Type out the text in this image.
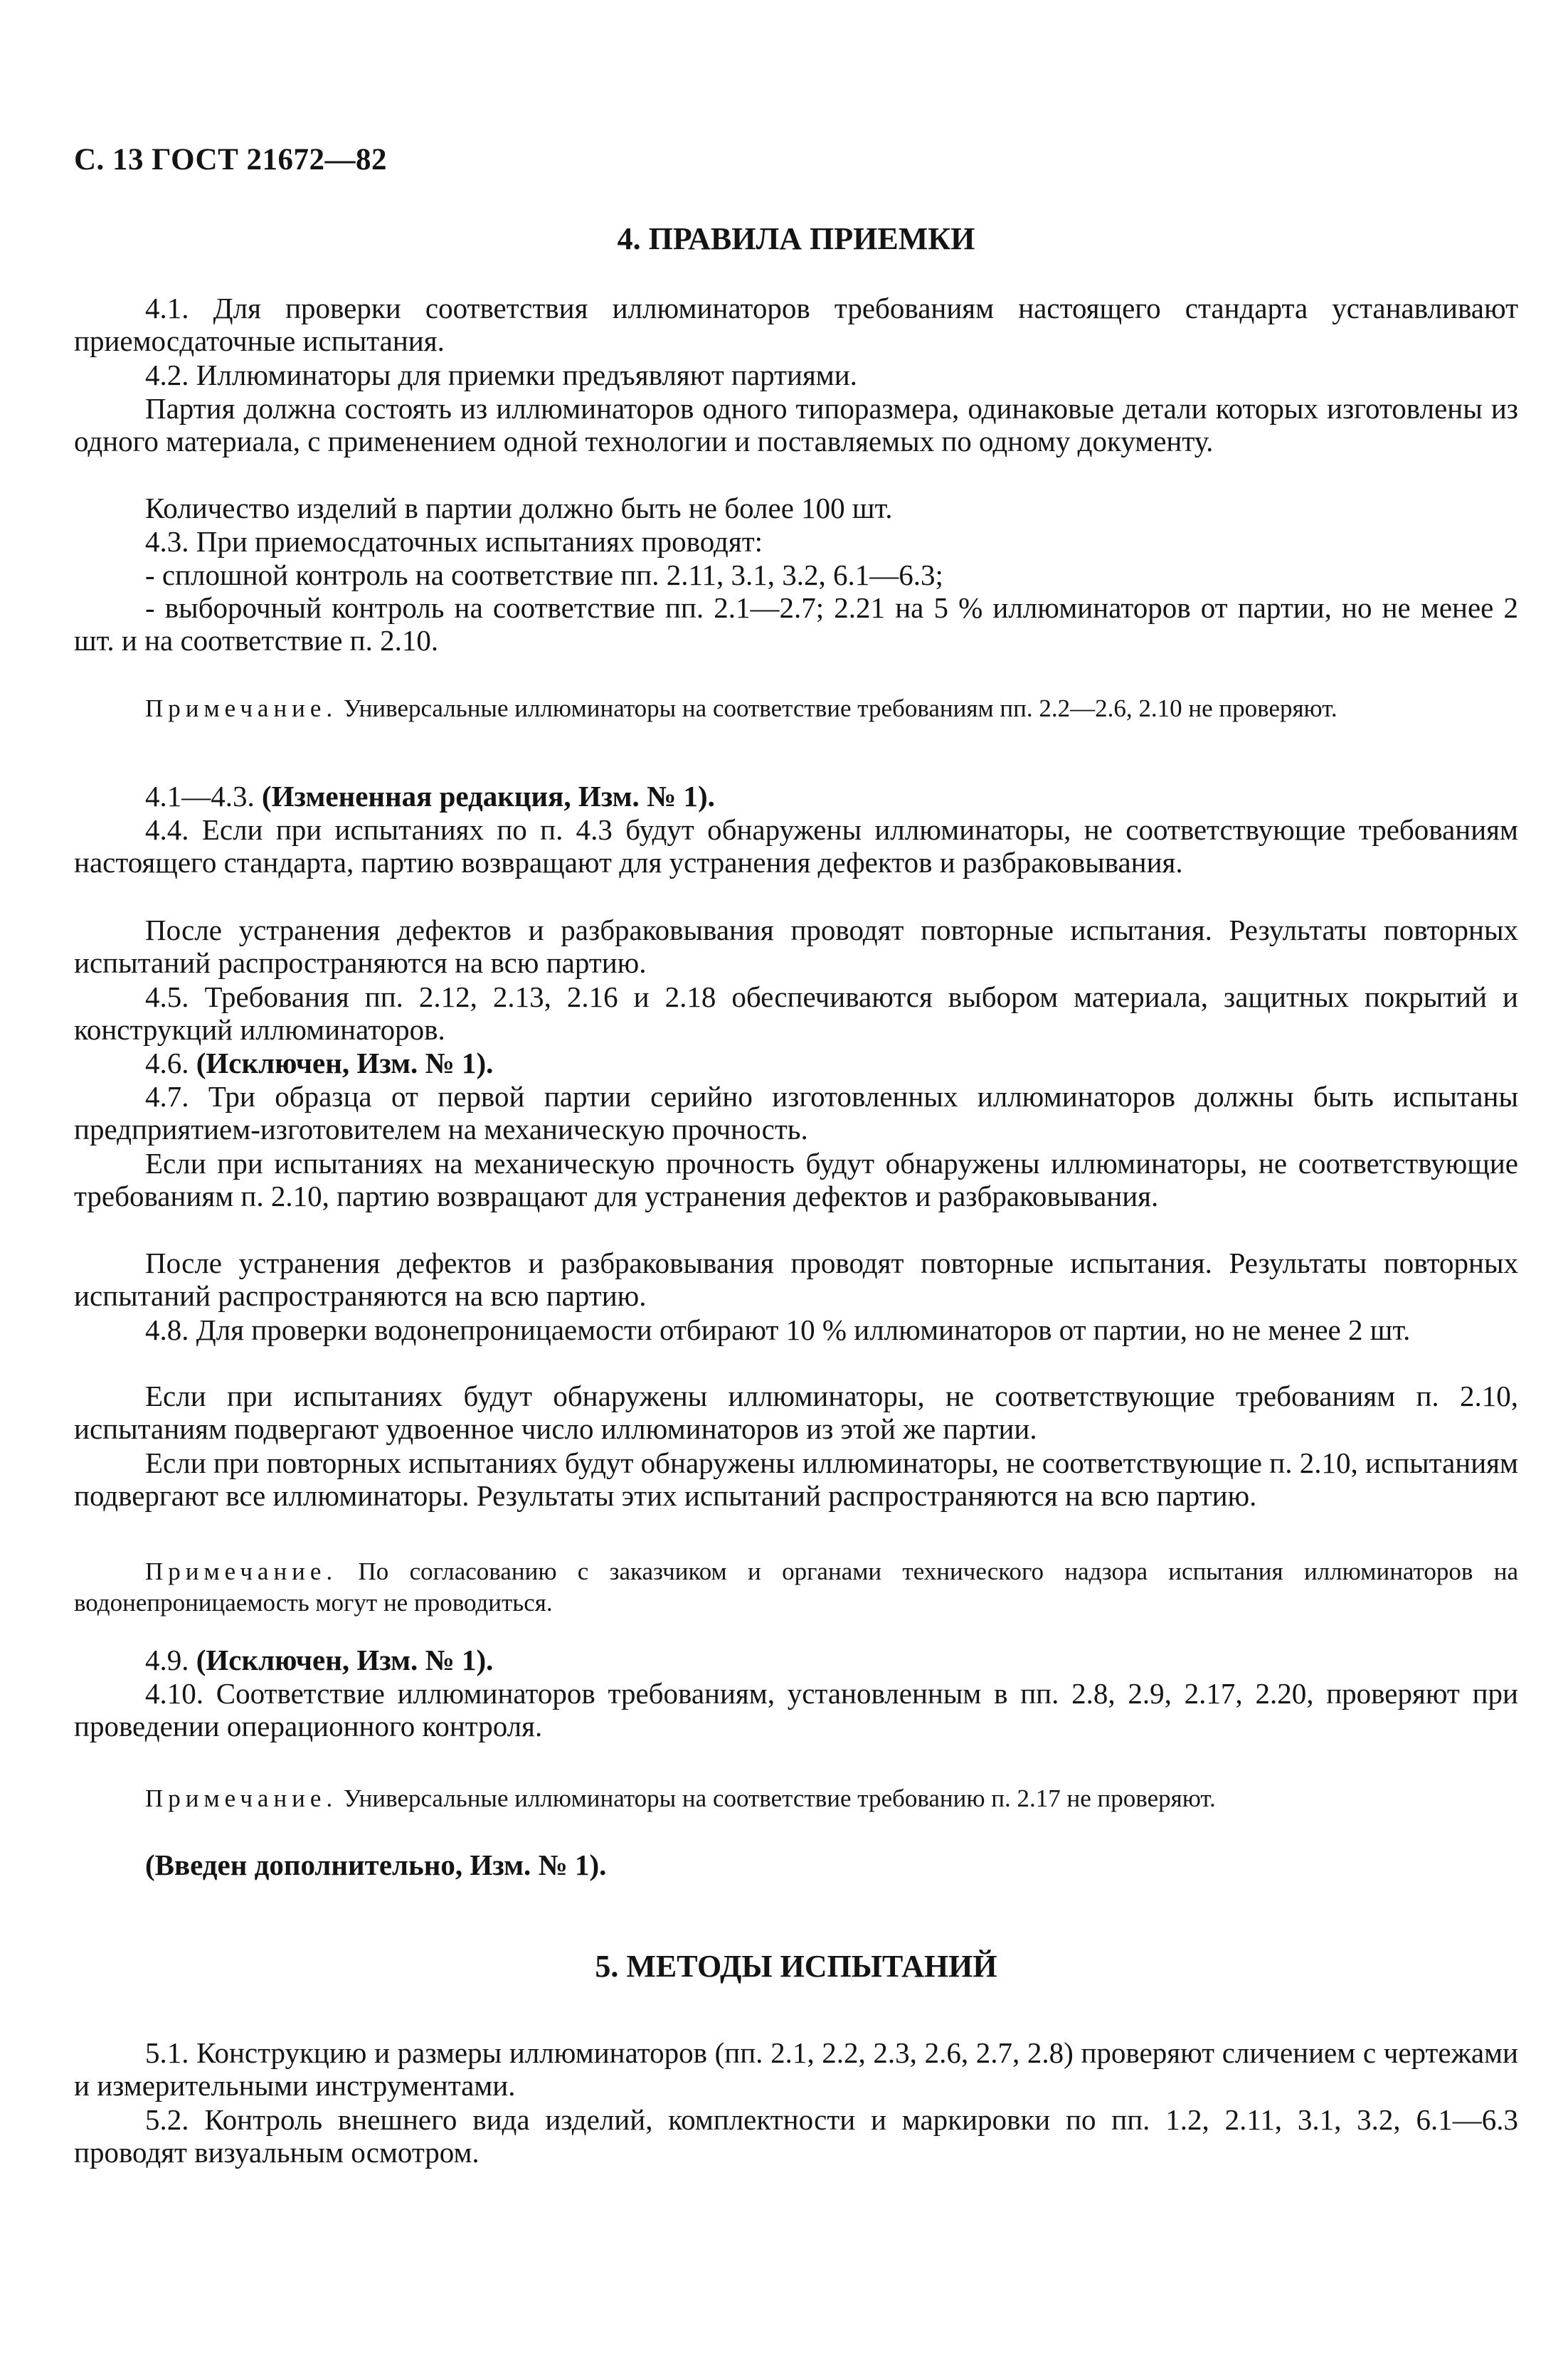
С. 13 ГОСТ 21672—82
4. ПРАВИЛА ПРИЕМКИ
4.1. Для проверки соответствия иллюминаторов требованиям настоящего стандарта устанавливают приемосдаточные испытания.
4.2. Иллюминаторы для приемки предъявляют партиями.
Партия должна состоять из иллюминаторов одного типоразмера, одинаковые детали которых изготовлены из одного материала, с применением одной технологии и поставляемых по одному документу.
Количество изделий в партии должно быть не более 100 шт.
4.3. При приемосдаточных испытаниях проводят:
- сплошной контроль на соответствие пп. 2.11, 3.1, 3.2, 6.1—6.3;
- выборочный контроль на соответствие пп. 2.1—2.7; 2.21 на 5 % иллюминаторов от партии, но не менее 2 шт. и на соответствие п. 2.10.
Примечание. Универсальные иллюминаторы на соответствие требованиям пп. 2.2—2.6, 2.10 не проверяют.
4.1—4.3. (Измененная редакция, Изм. № 1).
4.4. Если при испытаниях по п. 4.3 будут обнаружены иллюминаторы, не соответствующие требованиям настоящего стандарта, партию возвращают для устранения дефектов и разбраковывания.
После устранения дефектов и разбраковывания проводят повторные испытания. Результаты повторных испытаний распространяются на всю партию.
4.5. Требования пп. 2.12, 2.13, 2.16 и 2.18 обеспечиваются выбором материала, защитных покрытий и конструкций иллюминаторов.
4.6. (Исключен, Изм. № 1).
4.7. Три образца от первой партии серийно изготовленных иллюминаторов должны быть испытаны предприятием-изготовителем на механическую прочность.
Если при испытаниях на механическую прочность будут обнаружены иллюминаторы, не соответствующие требованиям п. 2.10, партию возвращают для устранения дефектов и разбраковывания.
После устранения дефектов и разбраковывания проводят повторные испытания. Результаты повторных испытаний распространяются на всю партию.
4.8. Для проверки водонепроницаемости отбирают 10 % иллюминаторов от партии, но не менее 2 шт.
Если при испытаниях будут обнаружены иллюминаторы, не соответствующие требованиям п. 2.10, испытаниям подвергают удвоенное число иллюминаторов из этой же партии.
Если при повторных испытаниях будут обнаружены иллюминаторы, не соответствующие п. 2.10, испытаниям подвергают все иллюминаторы. Результаты этих испытаний распространяются на всю партию.
Примечание. По согласованию с заказчиком и органами технического надзора испытания иллюминаторов на водонепроницаемость могут не проводиться.
4.9. (Исключен, Изм. № 1).
4.10. Соответствие иллюминаторов требованиям, установленным в пп. 2.8, 2.9, 2.17, 2.20, проверяют при проведении операционного контроля.
Примечание. Универсальные иллюминаторы на соответствие требованию п. 2.17 не проверяют.
(Введен дополнительно, Изм. № 1).
5. МЕТОДЫ ИСПЫТАНИЙ
5.1. Конструкцию и размеры иллюминаторов (пп. 2.1, 2.2, 2.3, 2.6, 2.7, 2.8) проверяют сличением с чертежами и измерительными инструментами.
5.2. Контроль внешнего вида изделий, комплектности и маркировки по пп. 1.2, 2.11, 3.1, 3.2, 6.1—6.3 проводят визуальным осмотром.
